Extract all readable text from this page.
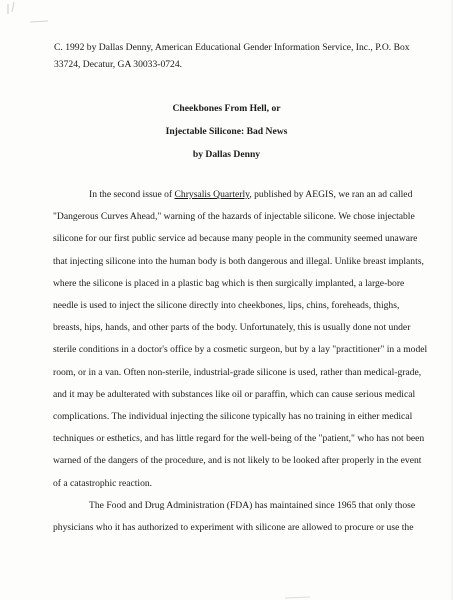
C. 1992 by Dallas Denny, American Educational Gender Information Service, Inc., P.O. Box
33724, Decatur, GA 30033-0724.
Cheekbones From Hell, or
Injectable Silicone: Bad News
by Dallas Denny
In the second issue of Chrysalis Quarterly, published by AEGIS, we ran an ad called
"Dangerous Curves Ahead," warning of the hazards of injectable silicone. We chose injectable
silicone for our first public service ad because many people in the community seemed unaware
that injecting silicone into the human body is both dangerous and illegal. Unlike breast implants,
where the silicone is placed in a plastic bag which is then surgically implanted, a large-bore
needle is used to inject the silicone directly into cheekbones, lips, chins, foreheads, thighs,
breasts, hips, hands, and other parts of the body. Unfortunately, this is usually done not under
sterile conditions in a doctor's office by a cosmetic surgeon, but by a lay "practitioner" in a model
room, or in a van. Often non-sterile, industrial-grade silicone is used, rather than medical-grade,
and it may be adulterated with substances like oil or paraffin, which can cause serious medical
complications. The individual injecting the silicone typically has no training in either medical
techniques or esthetics, and has little regard for the well-being of the "patient," who has not been
warned of the dangers of the procedure, and is not likely to be looked after properly in the event
of a catastrophic reaction.
The Food and Drug Administration (FDA) has maintained since 1965 that only those
physicians who it has authorized to experiment with silicone are allowed to procure or use the
